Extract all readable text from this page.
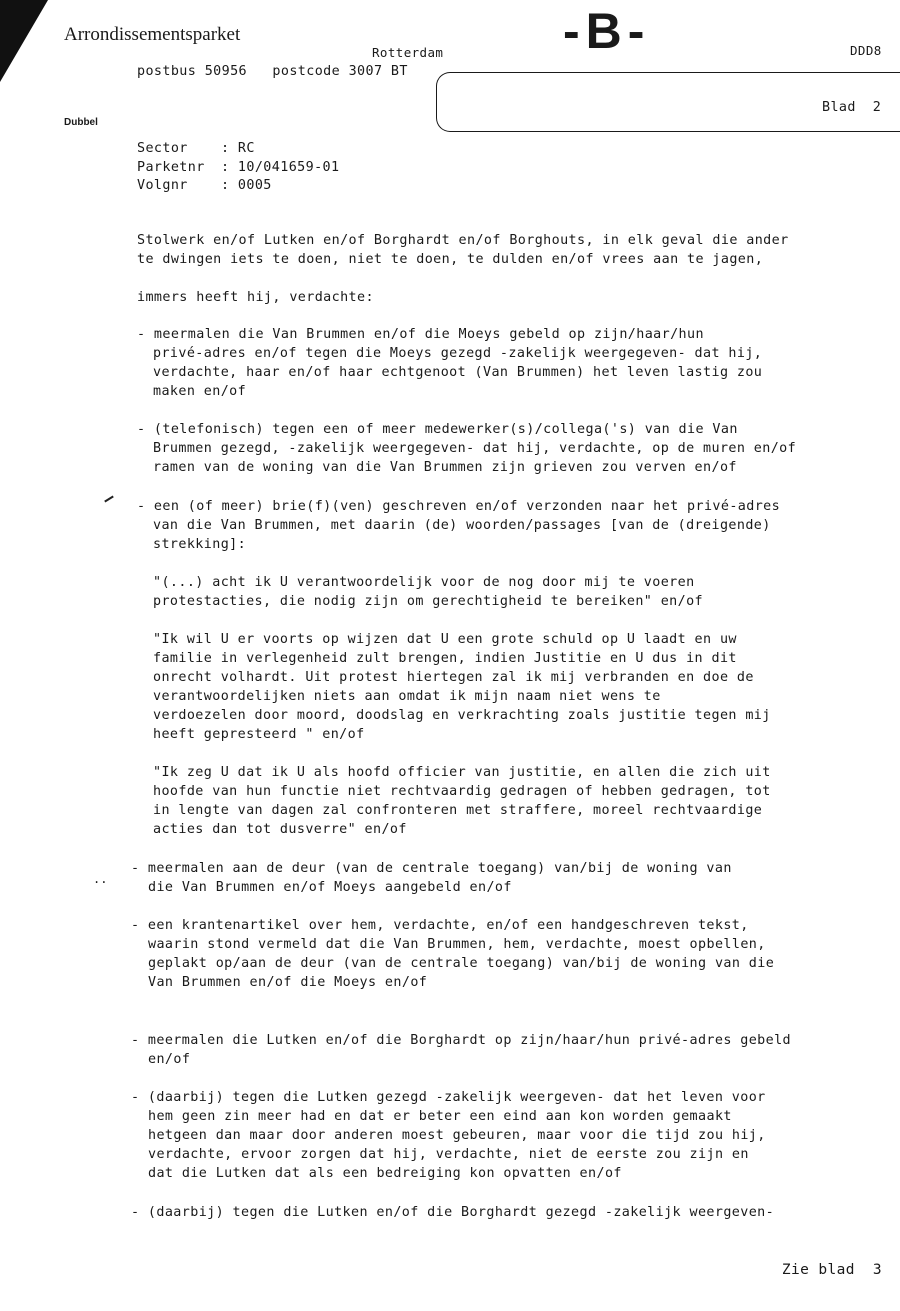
Arrondissementsparket
Rotterdam -B-	DDD8
postbus 50956 postcode 3007 BT
Dubbel
Blad  2
Sector	: RC
Parketnr	: 10/041659-01
Volgnr	: 0005
..
Stolwerk en/of Lutken en/of Borghardt en/of Borghouts, in elk geval die ander
te dwingen iets te doen, niet te doen, te dulden en/of vrees aan te jagen,
immers heeft hij, verdachte:
- meermalen die Van Brummen en/of die Moeys gebeld op zijn/haar/hun
privé-adres en/of tegen die Moeys gezegd -zakelijk weergegeven- dat hij,
verdachte, haar en/of haar echtgenoot (Van Brummen) het leven lastig zou
maken en/of
- (telefonisch) tegen een of meer medewerker(s)/collega('s) van die Van
Brummen gezegd, -zakelijk weergegeven- dat hij, verdachte, op de muren en/of
ramen van de woning van die Van Brummen zijn grieven zou verven en/of
- een (of meer) brie(f)(ven) geschreven en/of verzonden naar het privé-adres
van die Van Brummen, met daarin (de) woorden/passages [van de (dreigende)
strekking]:
"(...) acht ik U verantwoordelijk voor de nog door mij te voeren
protestacties, die nodig zijn om gerechtigheid te bereiken" en/of
"Ik wil U er voorts op wijzen dat U een grote schuld op U laadt en uw
familie in verlegenheid zult brengen, indien Justitie en U dus in dit
onrecht volhardt. Uit protest hiertegen zal ik mij verbranden en doe de
verantwoordelijken niets aan omdat ik mijn naam niet wens te
verdoezelen door moord, doodslag en verkrachting zoals justitie tegen mij
heeft gepresteerd " en/of
"Ik zeg U dat ik U als hoofd officier van justitie, en allen die zich uit
hoofde van hun functie niet rechtvaardig gedragen of hebben gedragen, tot
in lengte van dagen zal confronteren met straffere, moreel rechtvaardige
acties dan tot dusverre" en/of
- meermalen aan de deur (van de centrale toegang) van/bij de woning van
die Van Brummen en/of Moeys aangebeld en/of
- een krantenartikel over hem, verdachte, en/of een handgeschreven tekst,
waarin stond vermeld dat die Van Brummen, hem, verdachte, moest opbellen,
geplakt op/aan de deur (van de centrale toegang) van/bij de woning van die
Van Brummen en/of die Moeys en/of
- meermalen die Lutken en/of die Borghardt op zijn/haar/hun privé-adres gebeld
en/of
- (daarbij) tegen die Lutken gezegd -zakelijk weergeven- dat het leven voor
hem geen zin meer had en dat er beter een eind aan kon worden gemaakt
hetgeen dan maar door anderen moest gebeuren, maar voor die tijd zou hij,
verdachte, ervoor zorgen dat hij, verdachte, niet de eerste zou zijn en
dat die Lutken dat als een bedreiging kon opvatten en/of
- (daarbij) tegen die Lutken en/of die Borghardt gezegd -zakelijk weergeven-
Zie blad 3
